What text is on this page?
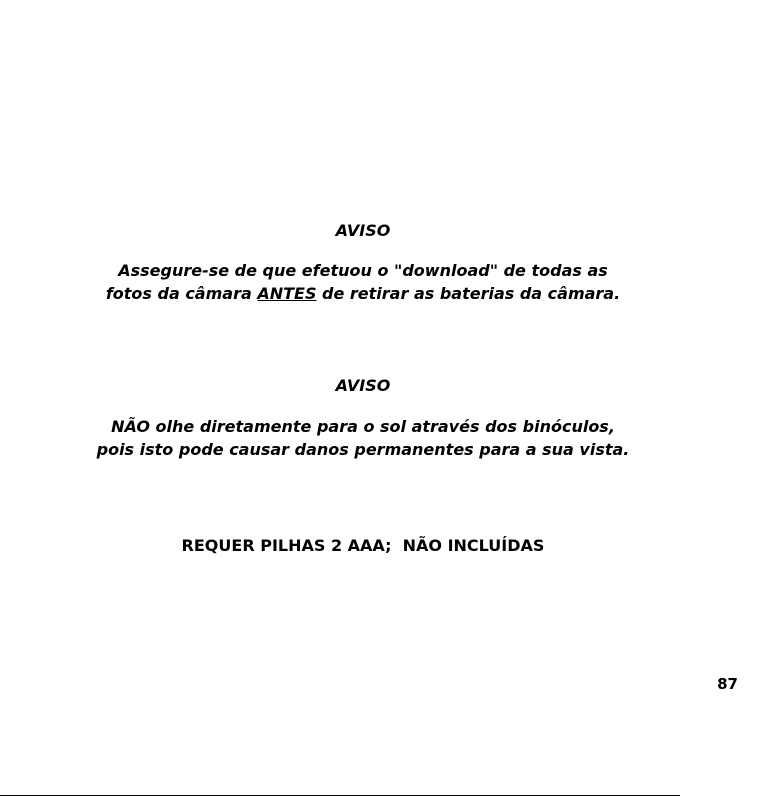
AVISO
Assegure-se de que efetuou o "download" de todas as
fotos da câmara ANTES de retirar as baterias da câmara.
AVISO
NÃO olhe diretamente para o sol através dos binóculos,
pois isto pode causar danos permanentes para a sua vista.
REQUER PILHAS 2 AAA;  NÃO INCLUÍDAS
87
